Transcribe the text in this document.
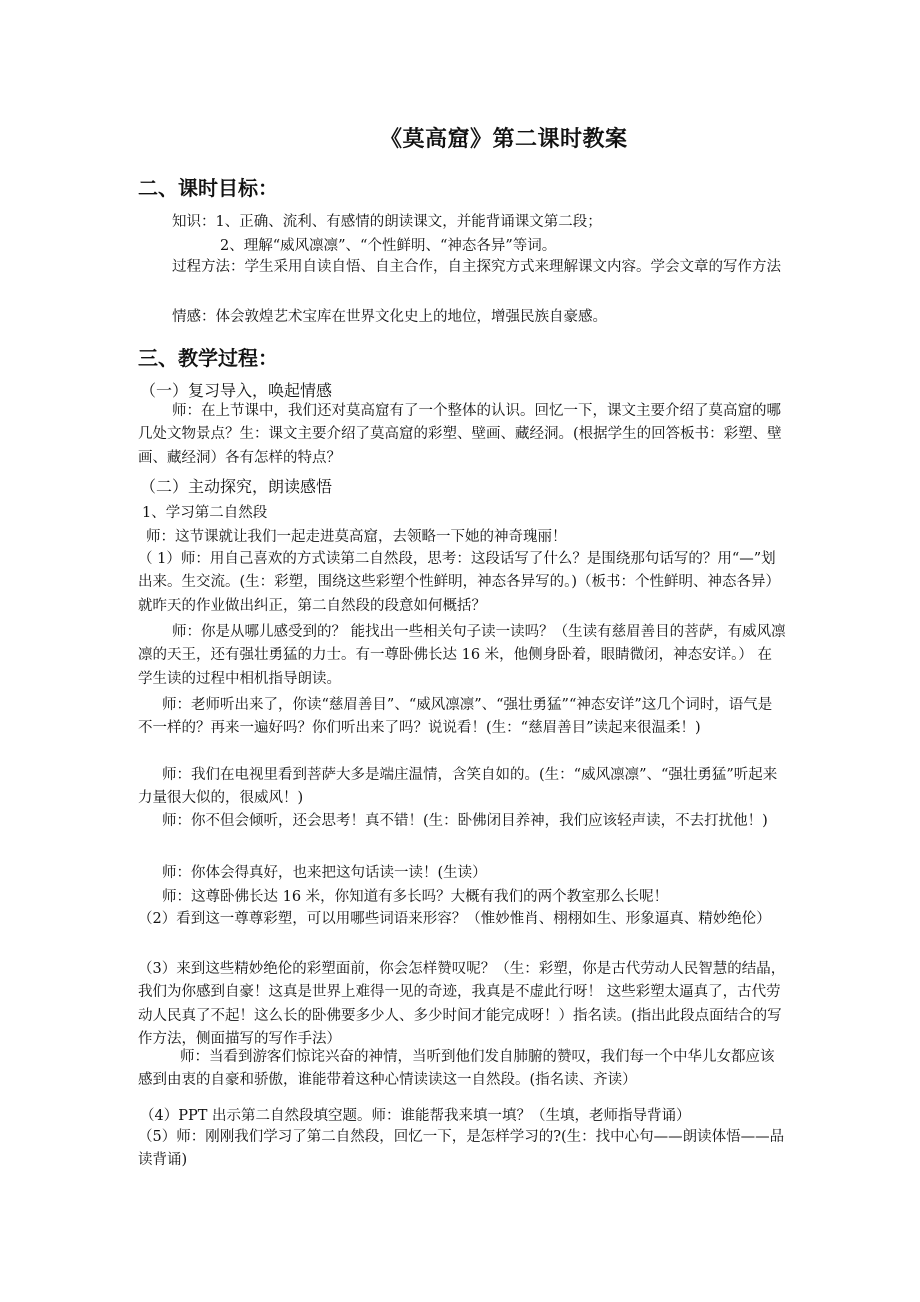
《莫高窟》第二课时教案
二、课时目标：
知识：1、正确、流利、有感情的朗读课文，并能背诵课文第二段；
2、理解“威风凛凛”、“个性鲜明、“神态各异”等词。
过程方法：学生采用自读自悟、自主合作，自主探究方式来理解课文内容。学会文章的写作方法
情感：体会敦煌艺术宝库在世界文化史上的地位，增强民族自豪感。
三、教学过程：
（一）复习导入，唤起情感
师：在上节课中，我们还对莫高窟有了一个整体的认识。回忆一下，课文主要介绍了莫高窟的哪几处文物景点？生：课文主要介绍了莫高窟的彩塑、壁画、藏经洞。(根据学生的回答板书：彩塑、壁画、藏经洞）各有怎样的特点？
（二）主动探究，朗读感悟
1、学习第二自然段
师：这节课就让我们一起走进莫高窟，去领略一下她的神奇瑰丽！
（ 1）师：用自己喜欢的方式读第二自然段，思考：这段话写了什么？是围绕那句话写的？用“—”划出来。生交流。(生：彩塑，围绕这些彩塑个性鲜明，神态各异写的。)（板书：个性鲜明、神态各异）就昨天的作业做出纠正，第二自然段的段意如何概括？
师：你是从哪儿感受到的？ 能找出一些相关句子读一读吗？（生读有慈眉善目的菩萨，有威风凛凛的天王，还有强壮勇猛的力士。有一尊卧佛长达 16 米，他侧身卧着，眼睛微闭，神态安详。） 在学生读的过程中相机指导朗读。
师：老师听出来了，你读“慈眉善目”、“威风凛凛”、“强壮勇猛”“神态安详”这几个词时，语气是不一样的？再来一遍好吗？你们听出来了吗？说说看！(生：“慈眉善目”读起来很温柔！)
师：我们在电视里看到菩萨大多是端庄温情，含笑自如的。(生：“威风凛凛”、“强壮勇猛”听起来力量很大似的，很威风！)
师：你不但会倾听，还会思考！真不错！(生：卧佛闭目养神，我们应该轻声读，不去打扰他！)
师：你体会得真好，也来把这句话读一读！(生读）
师：这尊卧佛长达 16 米，你知道有多长吗？大概有我们的两个教室那么长呢！
（2）看到这一尊尊彩塑，可以用哪些词语来形容？（惟妙惟肖、栩栩如生、形象逼真、精妙绝伦）
（3）来到这些精妙绝伦的彩塑面前，你会怎样赞叹呢？（生：彩塑，你是古代劳动人民智慧的结晶，我们为你感到自豪！这真是世界上难得一见的奇迹，我真是不虚此行呀！ 这些彩塑太逼真了，古代劳动人民真了不起！这么长的卧佛要多少人、多少时间才能完成呀！）指名读。(指出此段点面结合的写作方法，侧面描写的写作手法）
师：当看到游客们惊诧兴奋的神情，当听到他们发自肺腑的赞叹，我们每一个中华儿女都应该感到由衷的自豪和骄傲，谁能带着这种心情读读这一自然段。(指名读、齐读）
（4）PPT 出示第二自然段填空题。师：谁能帮我来填一填？（生填，老师指导背诵）
（5）师：刚刚我们学习了第二自然段，回忆一下，是怎样学习的?(生：找中心句——朗读体悟——品读背诵)
